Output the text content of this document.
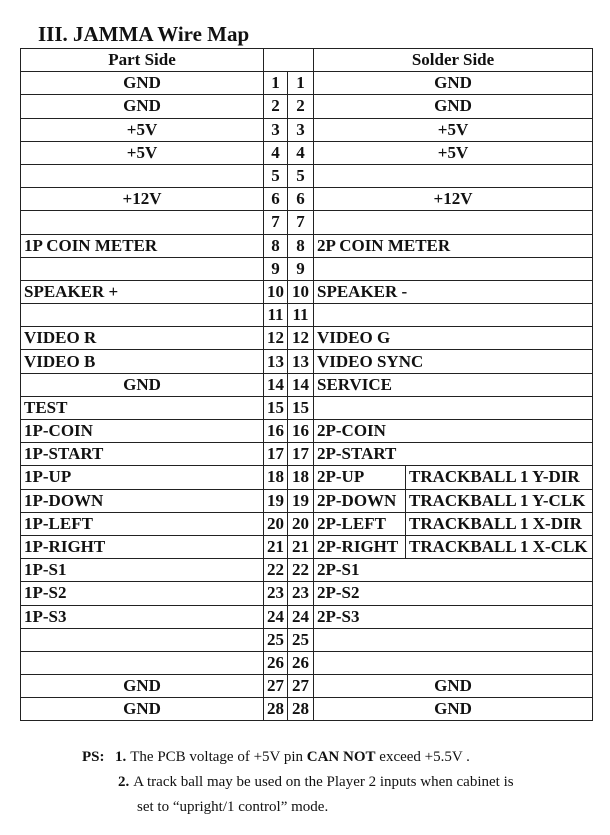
III. JAMMA Wire Map
Part Side			Solder Side	
GND	1	1	GND	
GND	2	2	GND	
+5V	3	3	+5V	
+5V	4	4	+5V	
	5	5		
+12V	6	6	+12V	
	7	7		
1P COIN METER	8	8	2P COIN METER	
	9	9		
SPEAKER +	10	10	SPEAKER -	
	11	11		
VIDEO R	12	12	VIDEO G	
VIDEO B	13	13	VIDEO SYNC	
GND	14	14	SERVICE	
TEST	15	15		
1P-COIN	16	16	2P-COIN	
1P-START	17	17	2P-START	
1P-UP	18	18	2P-UP	TRACKBALL 1 Y-DIR
1P-DOWN	19	19	2P-DOWN	TRACKBALL 1 Y-CLK
1P-LEFT	20	20	2P-LEFT	TRACKBALL 1 X-DIR
1P-RIGHT	21	21	2P-RIGHT	TRACKBALL 1 X-CLK
1P-S1	22	22	2P-S1	
1P-S2	23	23	2P-S2	
1P-S3	24	24	2P-S3	
	25	25		
	26	26		
GND	27	27	GND	
GND	28	28	GND	
PS: 1. The PCB voltage of +5V pin CAN NOT exceed +5.5V .
2. A track ball may be used on the Player 2 inputs when cabinet is
set to “upright/1 control” mode.
